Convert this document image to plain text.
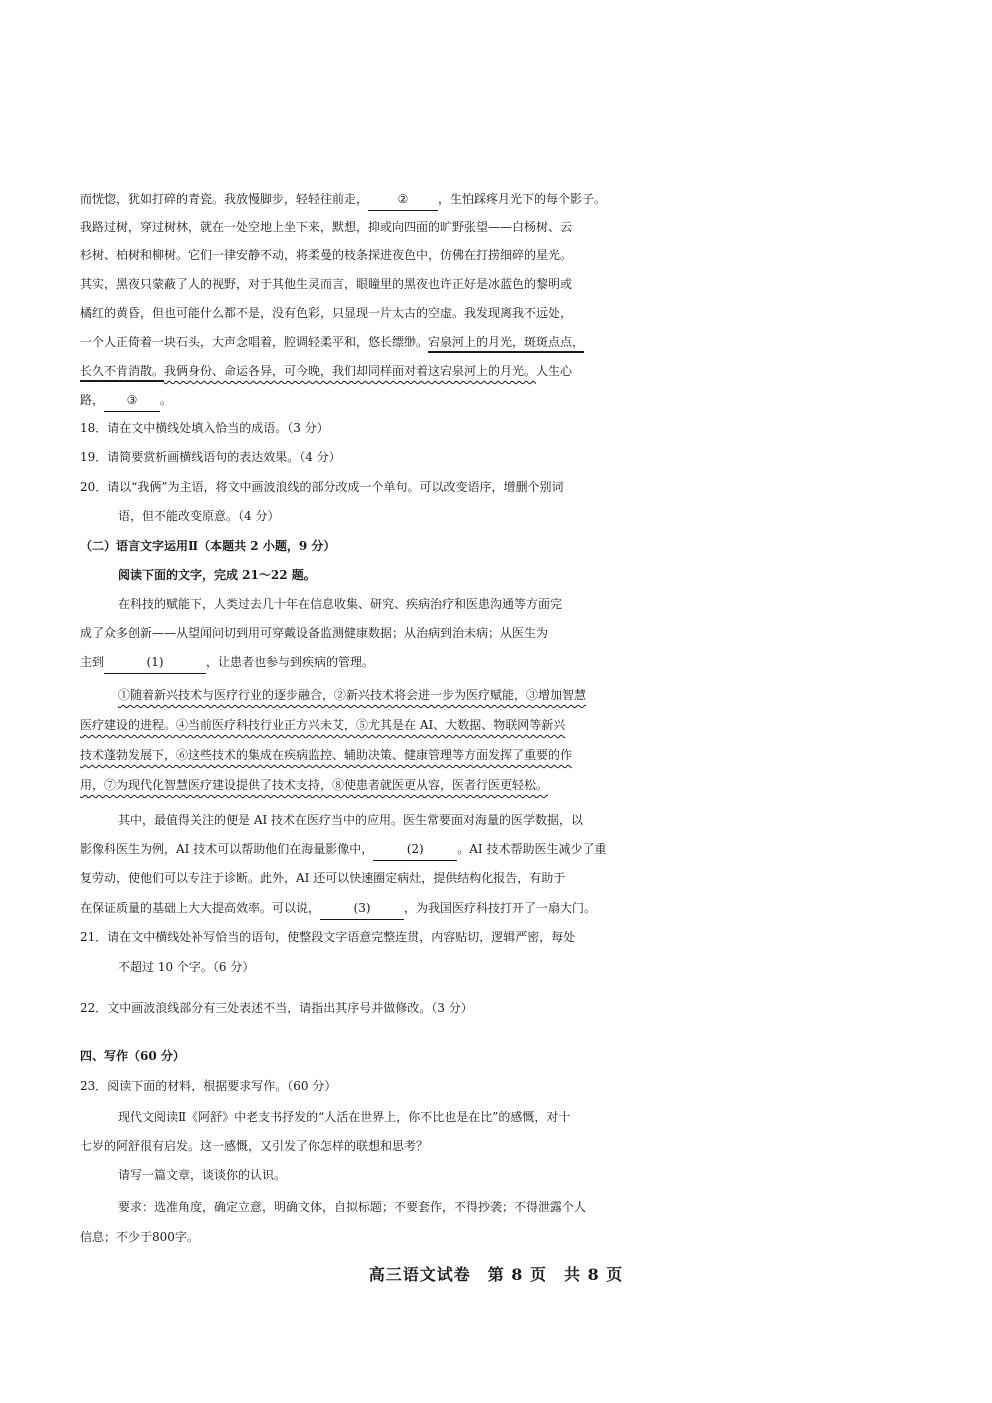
而恍惚，犹如打碎的青瓷。我放慢脚步，轻轻往前走， ② ，生怕踩疼月光下的每个影子。
我路过树，穿过树林，就在一处空地上坐下来，默想，抑或向四面的旷野张望——白杨树、云
杉树、柏树和柳树。它们一律安静不动，将柔曼的枝条探进夜色中，仿佛在打捞细碎的星光。
其实，黑夜只蒙蔽了人的视野，对于其他生灵而言，眼瞳里的黑夜也许正好是冰蓝色的黎明或
橘红的黄昏，但也可能什么都不是，没有色彩，只显现一片太古的空虚。我发现离我不远处，
一个人正倚着一块石头，大声念唱着，腔调轻柔平和，悠长缥缈。宕泉河上的月光，斑斑点点，
长久不肯消散。我俩身份、命运各异，可今晚，我们却同样面对着这宕泉河上的月光。人生心
路， ③ 。
18．请在文中横线处填入恰当的成语。（3 分）
19．请简要赏析画横线语句的表达效果。（4 分）
20．请以“我俩”为主语，将文中画波浪线的部分改成一个单句。可以改变语序，增删个别词
语，但不能改变原意。（4 分）
（二）语言文字运用Ⅱ（本题共 2 小题，9 分）
阅读下面的文字，完成 21～22 题。
在科技的赋能下，人类过去几十年在信息收集、研究、疾病治疗和医患沟通等方面完
成了众多创新——从望闻问切到用可穿戴设备监测健康数据；从治病到治未病；从医生为
主到	(1)	，让患者也参与到疾病的管理。
①随着新兴技术与医疗行业的逐步融合，②新兴技术将会进一步为医疗赋能，③增加智慧
医疗建设的进程。④当前医疗科技行业正方兴未艾，⑤尤其是在 AI、大数据、物联网等新兴
技术蓬勃发展下，⑥这些技术的集成在疾病监控、辅助决策、健康管理等方面发挥了重要的作
用，⑦为现代化智慧医疗建设提供了技术支持，⑧使患者就医更从容，医者行医更轻松。
其中，最值得关注的便是 AI 技术在医疗当中的应用。医生常要面对海量的医学数据，以
影像科医生为例，AI 技术可以帮助他们在海量影像中，	(2)	。AI 技术帮助医生减少了重
复劳动，使他们可以专注于诊断。此外，AI 还可以快速圈定病灶，提供结构化报告，有助于
在保证质量的基础上大大提高效率。可以说，	(3)	，为我国医疗科技打开了一扇大门。
21．请在文中横线处补写恰当的语句，使整段文字语意完整连贯，内容贴切，逻辑严密，每处
不超过 10 个字。（6 分）
22．文中画波浪线部分有三处表述不当，请指出其序号并做修改。（3 分）
四、写作（60 分）
23．阅读下面的材料，根据要求写作。（60 分）
现代文阅读Ⅱ《阿舒》中老支书抒发的“人活在世界上，你不比也是在比”的感慨，对十
七岁的阿舒很有启发。这一感慨，又引发了你怎样的联想和思考？
请写一篇文章，谈谈你的认识。
要求：选准角度，确定立意，明确文体，自拟标题；不要套作，不得抄袭；不得泄露个人
信息；不少于800字。
高三语文试卷　第 8 页　共 8 页
